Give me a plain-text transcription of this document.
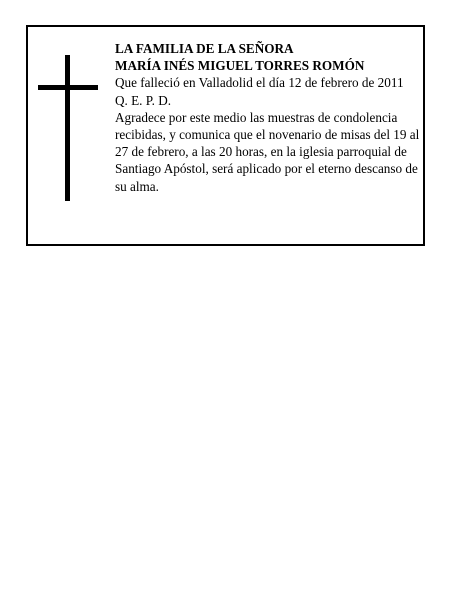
LA FAMILIA DE LA SEÑORA

MARÍA INÉS MIGUEL TORRES ROMÓN

Que falleció en Valladolid el día 12 de febrero de 2011

Q. E. P. D.

Agradece por este medio las muestras de condolencia recibidas, y comunica que el novenario de misas del 19 al 27 de febrero, a las 20 horas, en la iglesia parroquial de Santiago Apóstol, será aplicado por el eterno descanso de su alma.
